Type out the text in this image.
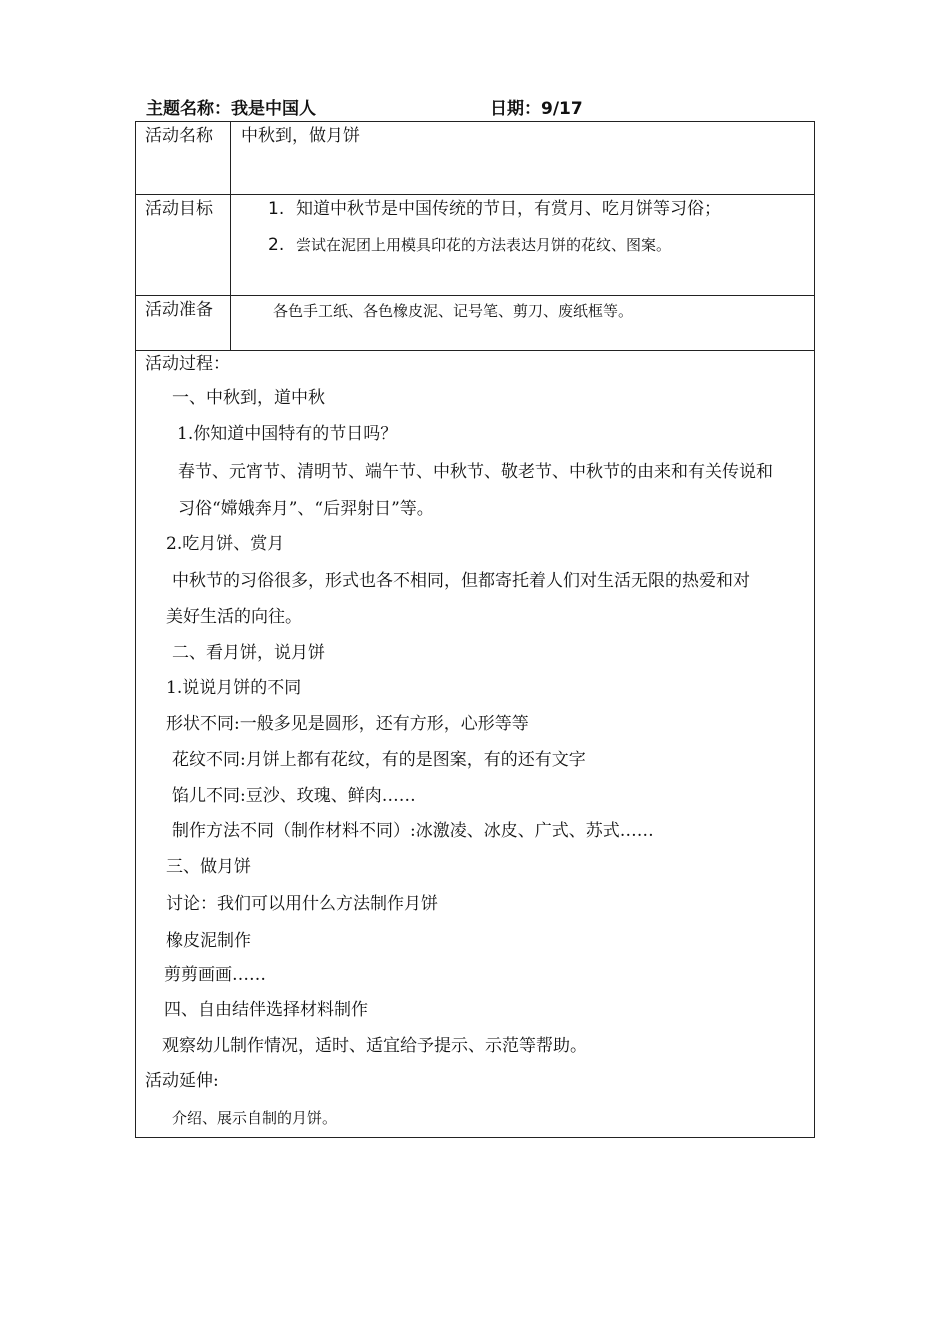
主题名称：我是中国人	日期：9/17
活动名称 中秋到，做月饼
活动目标	1. 知道中秋节是中国传统的节日，有赏月、吃月饼等习俗；
2. 尝试在泥团上用模具印花的方法表达月饼的花纹、图案。
活动准备	各色手工纸、各色橡皮泥、记号笔、剪刀、废纸框等。
活动过程：
一、中秋到，道中秋
1.你知道中国特有的节日吗？
春节、元宵节、清明节、端午节、中秋节、敬老节、中秋节的由来和有关传说和
习俗“嫦娥奔月”、“后羿射日”等。
2.吃月饼、赏月
中秋节的习俗很多，形式也各不相同，但都寄托着人们对生活无限的热爱和对
美好生活的向往。
二、看月饼，说月饼
1.说说月饼的不同
形状不同:一般多见是圆形，还有方形，心形等等
花纹不同:月饼上都有花纹，有的是图案，有的还有文字
馅儿不同:豆沙、玫瑰、鲜肉……
制作方法不同（制作材料不同）:冰激凌、冰皮、广式、苏式……
三、做月饼
讨论：我们可以用什么方法制作月饼
橡皮泥制作
剪剪画画……
四、自由结伴选择材料制作
观察幼儿制作情况，适时、适宜给予提示、示范等帮助。
活动延伸:
介绍、展示自制的月饼。
